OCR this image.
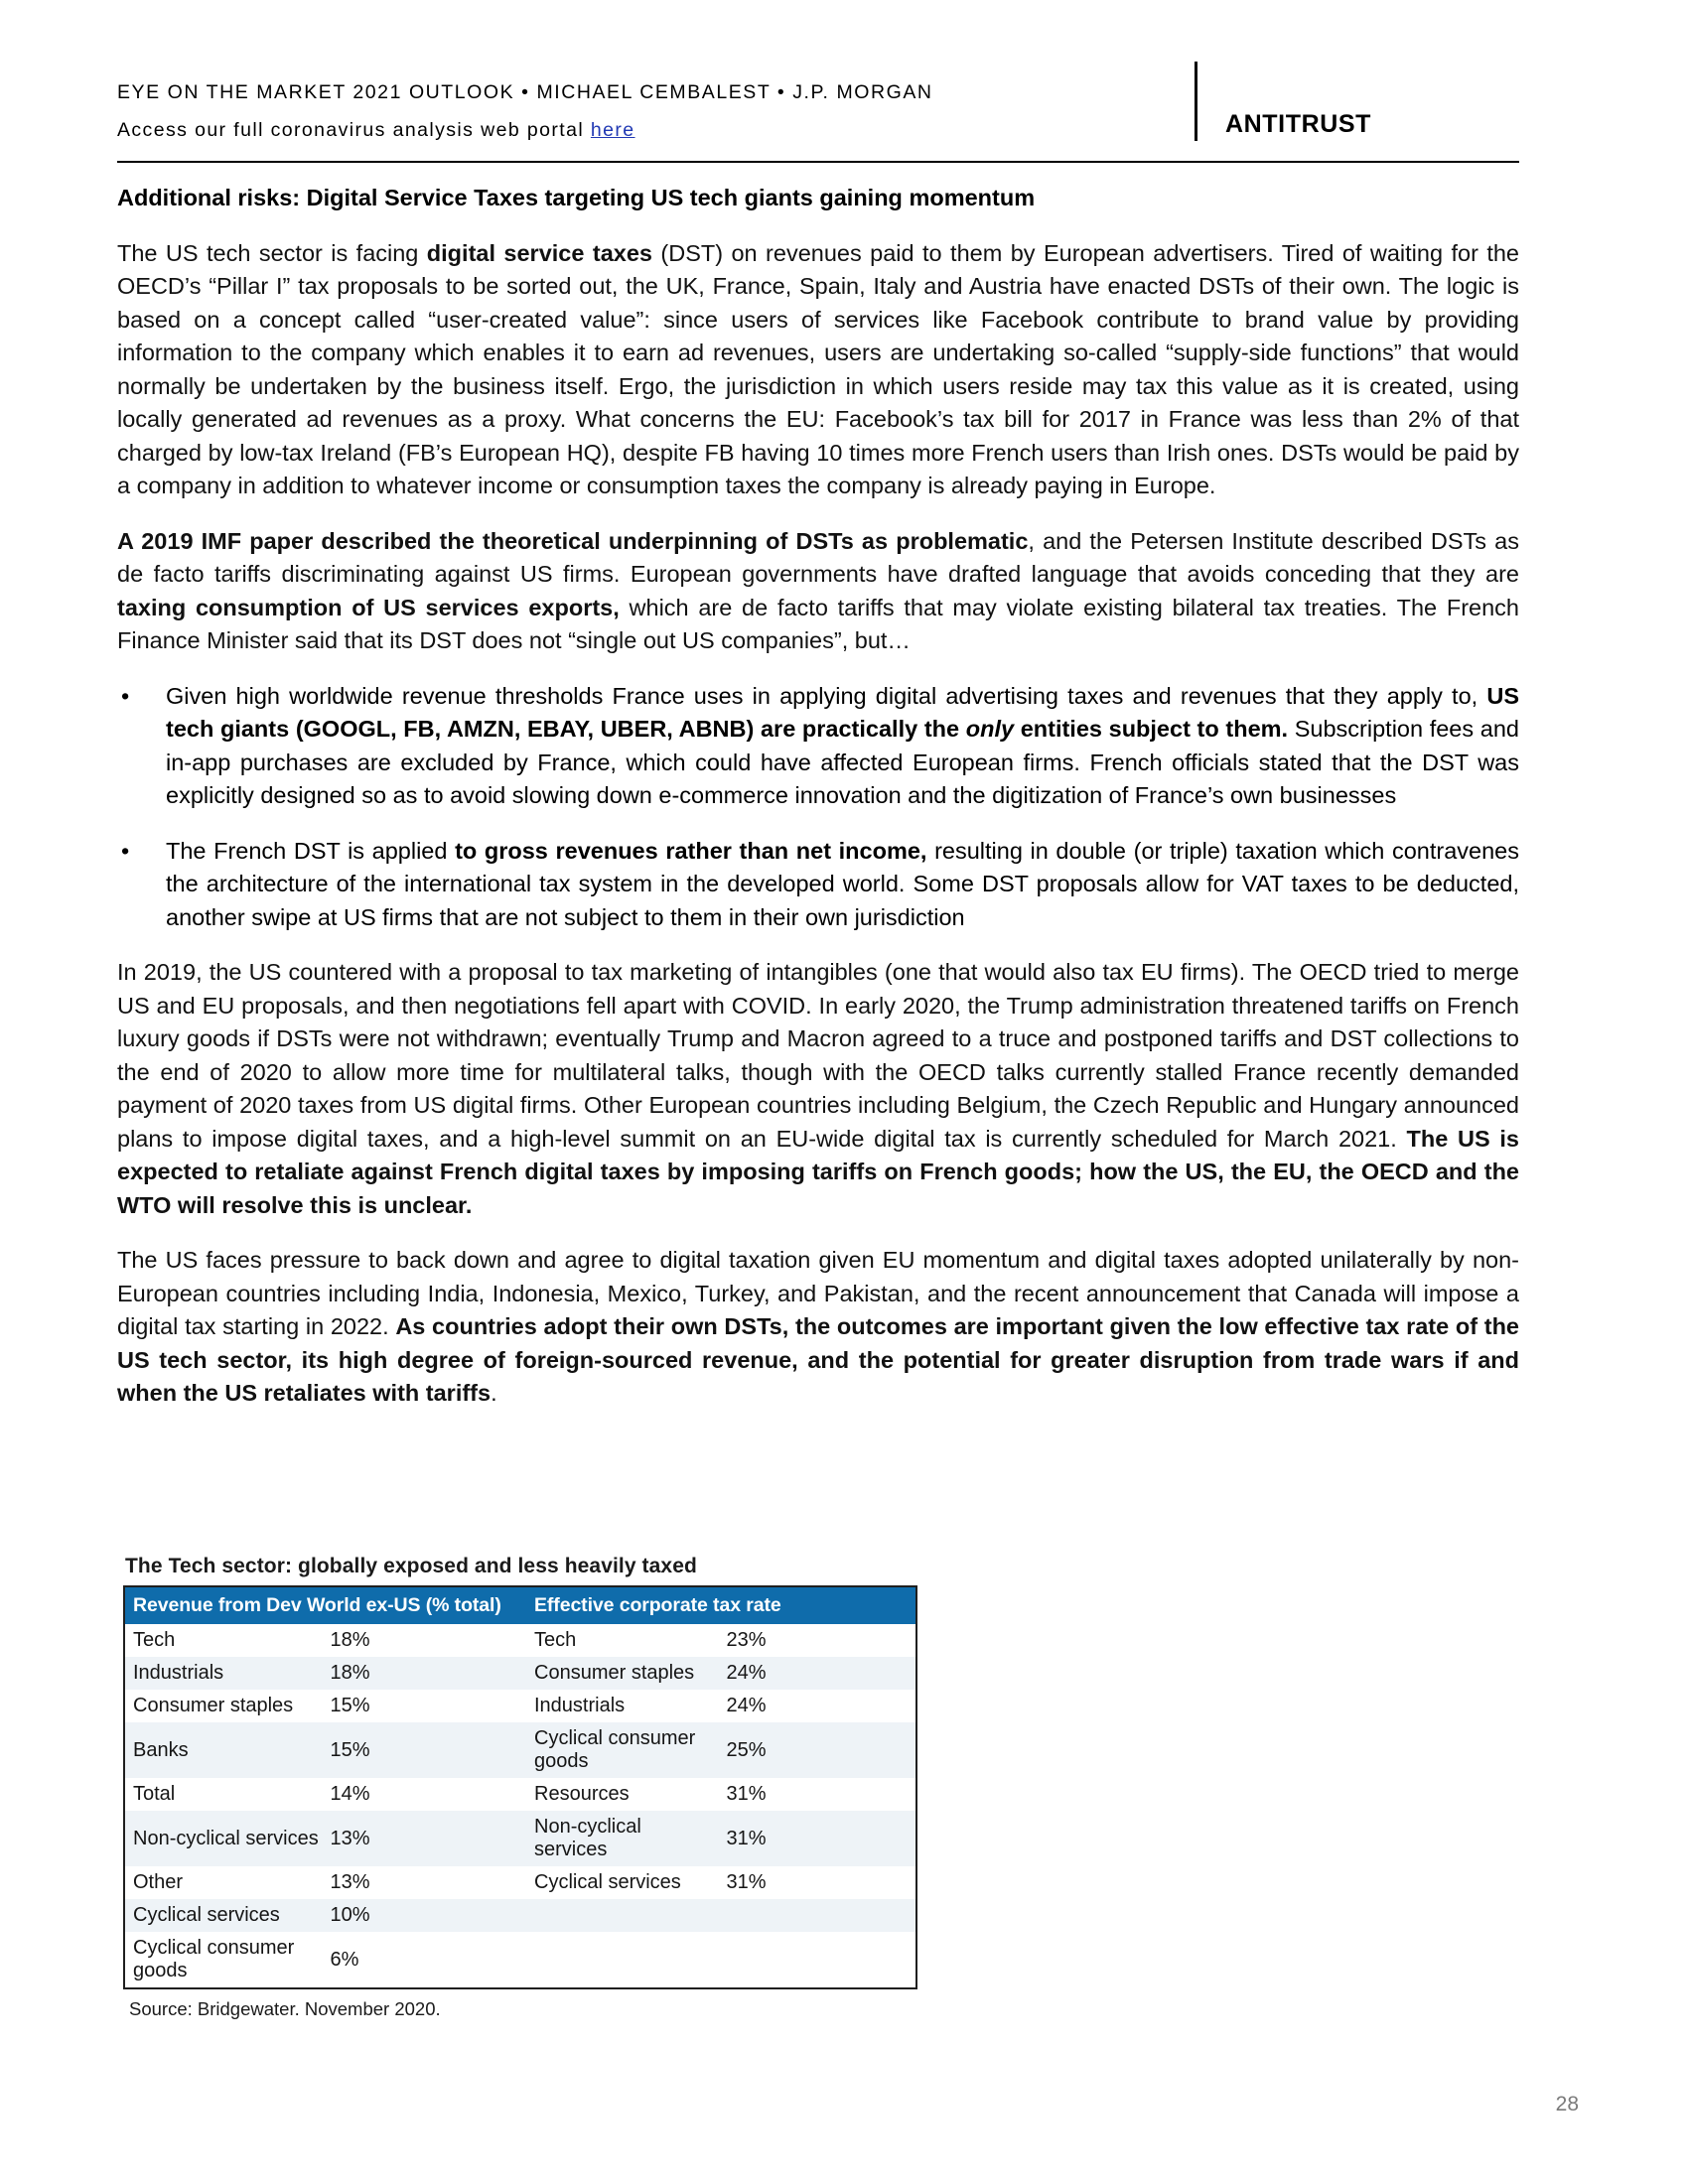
EYE ON THE MARKET 2021 OUTLOOK • MICHAEL CEMBALEST • J.P. MORGAN
Access our full coronavirus analysis web portal here	ANTITRUST
Additional risks: Digital Service Taxes targeting US tech giants gaining momentum

The US tech sector is facing digital service taxes (DST) on revenues paid to them by European advertisers. Tired of waiting for the OECD’s “Pillar I” tax proposals to be sorted out, the UK, France, Spain, Italy and Austria have enacted DSTs of their own. The logic is based on a concept called “user-created value”: since users of services like Facebook contribute to brand value by providing information to the company which enables it to earn ad revenues, users are undertaking so-called “supply-side functions” that would normally be undertaken by the business itself. Ergo, the jurisdiction in which users reside may tax this value as it is created, using locally generated ad revenues as a proxy. What concerns the EU: Facebook’s tax bill for 2017 in France was less than 2% of that charged by low-tax Ireland (FB’s European HQ), despite FB having 10 times more French users than Irish ones. DSTs would be paid by a company in addition to whatever income or consumption taxes the company is already paying in Europe.

A 2019 IMF paper described the theoretical underpinning of DSTs as problematic, and the Petersen Institute described DSTs as de facto tariffs discriminating against US firms. European governments have drafted language that avoids conceding that they are taxing consumption of US services exports, which are de facto tariffs that may violate existing bilateral tax treaties. The French Finance Minister said that its DST does not “single out US companies”, but…

• Given high worldwide revenue thresholds France uses in applying digital advertising taxes and revenues that they apply to, US tech giants (GOOGL, FB, AMZN, EBAY, UBER, ABNB) are practically the only entities subject to them. Subscription fees and in-app purchases are excluded by France, which could have affected European firms. French officials stated that the DST was explicitly designed so as to avoid slowing down e-commerce innovation and the digitization of France’s own businesses
• The French DST is applied to gross revenues rather than net income, resulting in double (or triple) taxation which contravenes the architecture of the international tax system in the developed world. Some DST proposals allow for VAT taxes to be deducted, another swipe at US firms that are not subject to them in their own jurisdiction

In 2019, the US countered with a proposal to tax marketing of intangibles (one that would also tax EU firms). The OECD tried to merge US and EU proposals, and then negotiations fell apart with COVID. In early 2020, the Trump administration threatened tariffs on French luxury goods if DSTs were not withdrawn; eventually Trump and Macron agreed to a truce and postponed tariffs and DST collections to the end of 2020 to allow more time for multilateral talks, though with the OECD talks currently stalled France recently demanded payment of 2020 taxes from US digital firms. Other European countries including Belgium, the Czech Republic and Hungary announced plans to impose digital taxes, and a high-level summit on an EU-wide digital tax is currently scheduled for March 2021. The US is expected to retaliate against French digital taxes by imposing tariffs on French goods; how the US, the EU, the OECD and the WTO will resolve this is unclear.

The US faces pressure to back down and agree to digital taxation given EU momentum and digital taxes adopted unilaterally by non-European countries including India, Indonesia, Mexico, Turkey, and Pakistan, and the recent announcement that Canada will impose a digital tax starting in 2022. As countries adopt their own DSTs, the outcomes are important given the low effective tax rate of the US tech sector, its high degree of foreign-sourced revenue, and the potential for greater disruption from trade wars if and when the US retaliates with tariffs.

The Tech sector: globally exposed and less heavily taxed
Revenue from Dev World ex-US (% total)		Effective corporate tax rate	
Tech	18%	Tech	23%
Industrials	18%	Consumer staples	24%
Consumer staples	15%	Industrials	24%
Banks	15%	Cyclical consumer goods	25%
Total	14%	Resources	31%
Non-cyclical services	13%	Non-cyclical services	31%
Other	13%	Cyclical services	31%
Cyclical services	10%		
Cyclical consumer goods	6%		
Source: Bridgewater. November 2020.
28
